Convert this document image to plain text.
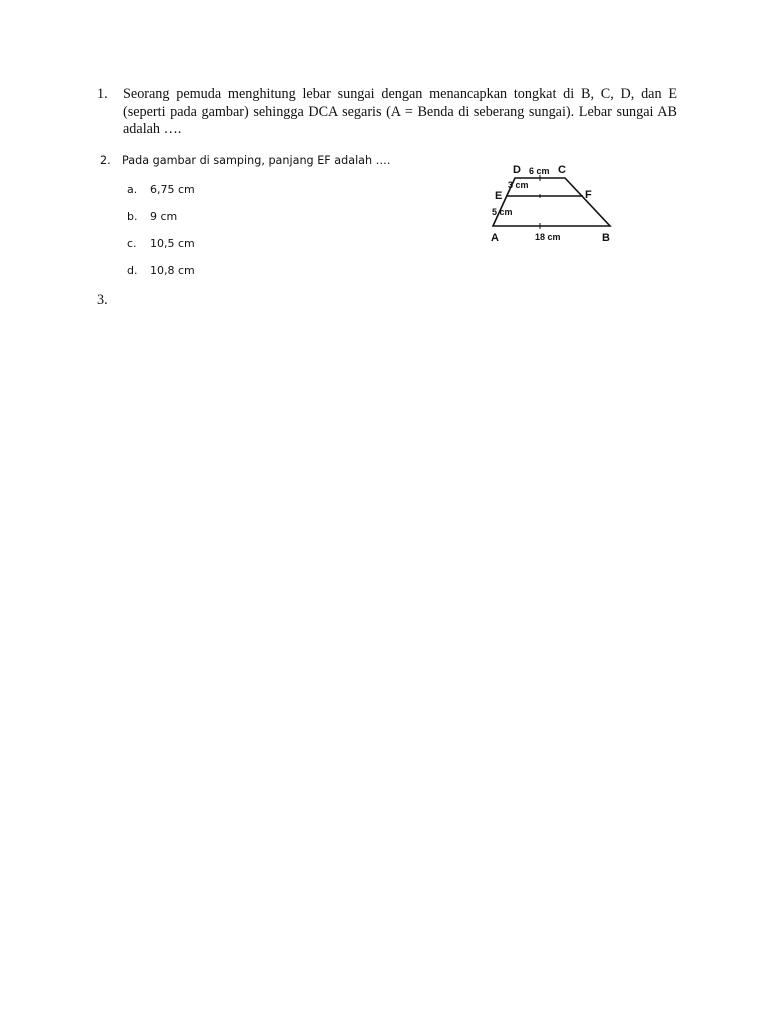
1. Seorang pemuda menghitung lebar sungai dengan menancapkan tongkat di B, C, D, dan E (seperti pada gambar) sehingga DCA segaris (A = Benda di seberang sungai). Lebar sungai AB adalah ….
2. Pada gambar di samping, panjang EF adalah ….
a. 6,75 cm
b. 9 cm
c. 10,5 cm
d. 10,8 cm
D	C
E	F
A	B
6 cm
3 cm
5 cm
18 cm
3.
